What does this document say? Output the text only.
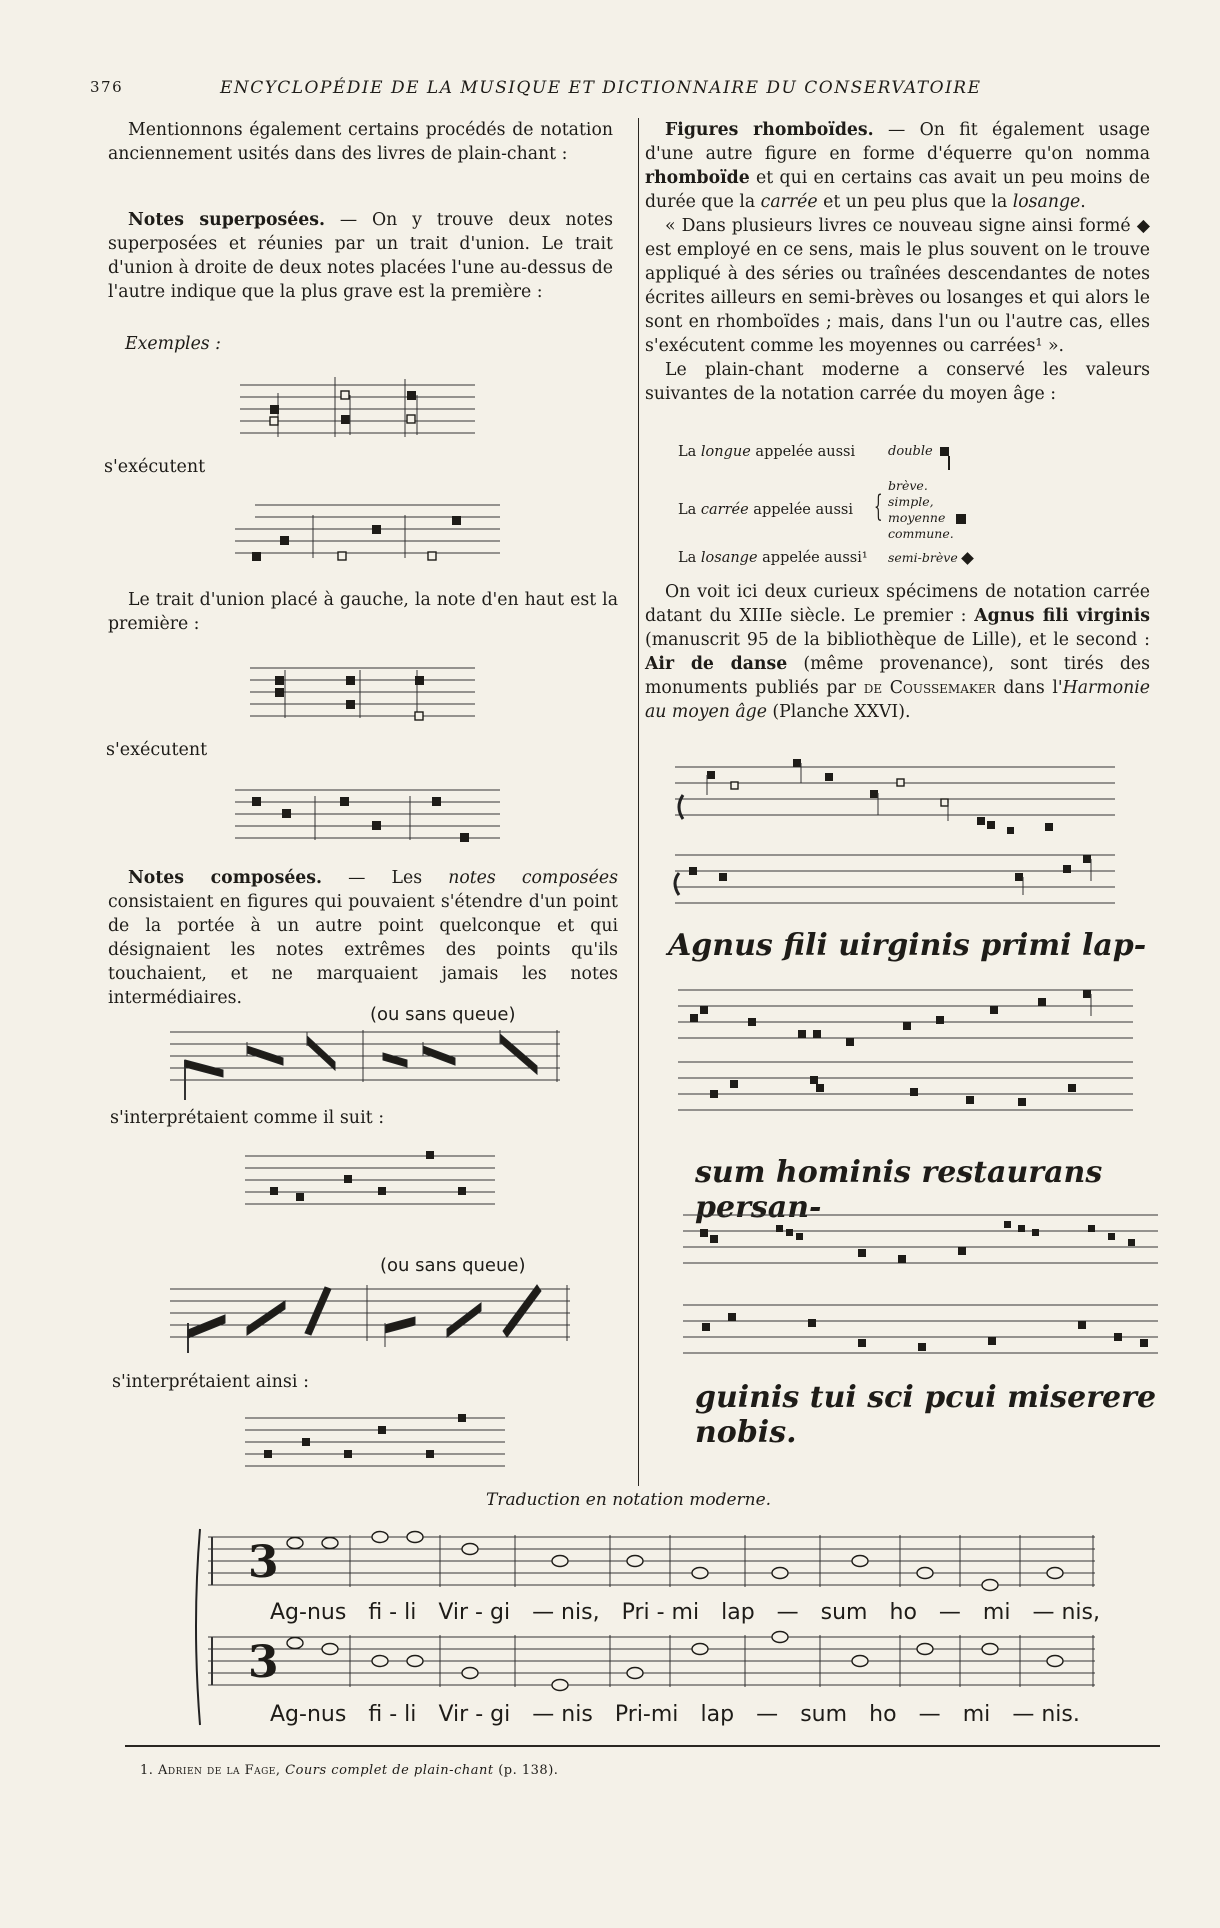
376	ENCYCLOPÉDIE DE LA MUSIQUE ET DICTIONNAIRE DU CONSERVATOIRE

Mentionnons également certains procédés de notation anciennement usités dans des livres de plain-chant :

Notes superposées. — On y trouve deux notes superposées et réunies par un trait d'union. Le trait d'union à droite de deux notes placées l'une au-dessus de l'autre indique que la plus grave est la première :

Exemples :
s'exécutent

Le trait d'union placé à gauche, la note d'en haut est la première :

s'exécutent

Notes composées. — Les notes composées consistaient en figures qui pouvaient s'étendre d'un point de la portée à un autre point quelconque et qui désignaient les notes extrêmes des points qu'ils touchaient, et ne marquaient jamais les notes intermédiaires.

(ou sans queue)
s'interprétaient comme il suit :
(ou sans queue)
s'interprétaient ainsi :

Figures rhomboïdes. — On fit également usage d'une autre figure en forme d'équerre qu'on nomma rhomboïde et qui en certains cas avait un peu moins de durée que la carrée et un peu plus que la losange.

« Dans plusieurs livres ce nouveau signe ainsi formé ◆ est employé en ce sens, mais le plus souvent on le trouve appliqué à des séries ou traînées descendantes de notes écrites ailleurs en semi-brèves ou losanges et qui alors le sont en rhomboïdes ; mais, dans l'un ou l'autre cas, elles s'exécutent comme les moyennes ou carrées¹ ».

Le plain-chant moderne a conservé les valeurs suivantes de la notation carrée du moyen âge :

La longue appelée aussi	double
La carrée appelée aussi {
brève.
simple,
moyenne
commune.
La losange appelée aussi¹ semi-brève

On voit ici deux curieux spécimens de notation carrée datant du XIIIe siècle. Le premier : Agnus fili virginis (manuscrit 95 de la bibliothèque de Lille), et le second : Air de danse (même provenance), sont tirés des monuments publiés par de Coussemaker dans l'Harmonie au moyen âge (Planche XXVI).

Agnus fili uirginis primi lap-
sum hominis restaurans persan-
guinis tui sci pcui miserere nobis.
Traduction en notation moderne.
3
3
Ag-nus fi - li Vir - gi — nis, Pri - mi lap — sum ho — mi — nis,
Ag-nus fi - li Vir - gi — nis Pri-mi lap — sum ho — mi — nis.
1. Adrien de la Fage, Cours complet de plain-chant (p. 138).
